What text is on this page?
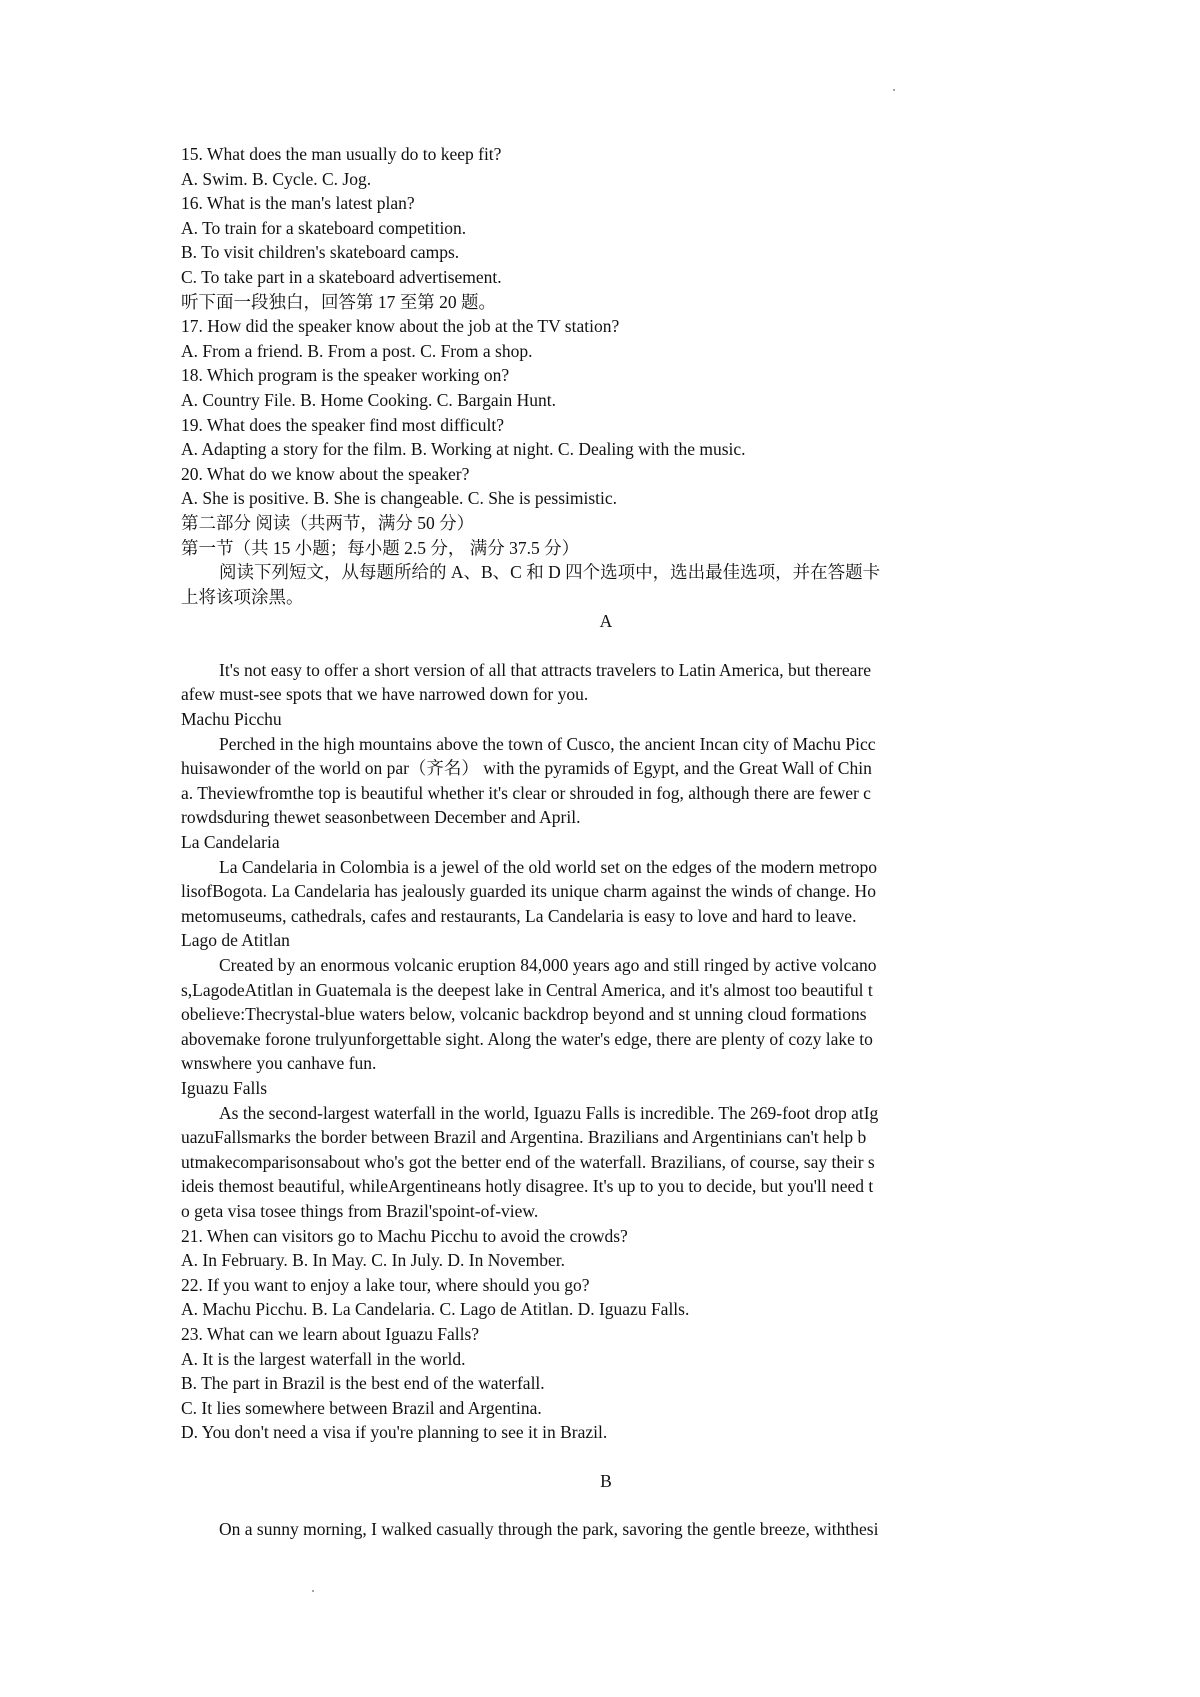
15. What does the man usually do to keep fit?

A. Swim. B. Cycle. C. Jog.

16. What is the man's latest plan?

A. To train for a skateboard competition.

B. To visit children's skateboard camps.

C. To take part in a skateboard advertisement.

听下面一段独白，回答第 17 至第 20 题。

17. How did the speaker know about the job at the TV station?

A. From a friend. B. From a post. C. From a shop.

18. Which program is the speaker working on?

A. Country File. B. Home Cooking. C. Bargain Hunt.

19. What does the speaker find most difficult?

A. Adapting a story for the film. B. Working at night. C. Dealing with the music.

20. What do we know about the speaker?

A. She is positive. B. She is changeable. C. She is pessimistic.

第二部分 阅读（共两节，满分 50 分）

第一节（共 15 小题；每小题 2.5 分， 满分 37.5 分）

阅读下列短文，从每题所给的 A、B、C 和 D 四个选项中，选出最佳选项，并在答题卡

上将该项涂黑。

A

It's not easy to offer a short version of all that attracts travelers to Latin America, but thereare

afew must-see spots that we have narrowed down for you.

Machu Picchu

Perched in the high mountains above the town of Cusco, the ancient Incan city of Machu Picc

huisawonder of the world on par（齐名） with the pyramids of Egypt, and the Great Wall of Chin

a. Theviewfromthe top is beautiful whether it's clear or shrouded in fog, although there are fewer c

rowdsduring thewet seasonbetween December and April.

La Candelaria

La Candelaria in Colombia is a jewel of the old world set on the edges of the modern metropo

lisofBogota. La Candelaria has jealously guarded its unique charm against the winds of change. Ho

metomuseums, cathedrals, cafes and restaurants, La Candelaria is easy to love and hard to leave.

Lago de Atitlan

Created by an enormous volcanic eruption 84,000 years ago and still ringed by active volcano

s,LagodeAtitlan in Guatemala is the deepest lake in Central America, and it's almost too beautiful t

obelieve:Thecrystal-blue waters below, volcanic backdrop beyond and st unning cloud formations

abovemake forone trulyunforgettable sight. Along the water's edge, there are plenty of cozy lake to

wnswhere you canhave fun.

Iguazu Falls

As the second-largest waterfall in the world, Iguazu Falls is incredible. The 269-foot drop atIg

uazuFallsmarks the border between Brazil and Argentina. Brazilians and Argentinians can't help b

utmakecomparisonsabout who's got the better end of the waterfall. Brazilians, of course, say their s

ideis themost beautiful, whileArgentineans hotly disagree. It's up to you to decide, but you'll need t

o geta visa tosee things from Brazil'spoint-of-view.

21. When can visitors go to Machu Picchu to avoid the crowds?

A. In February. B. In May. C. In July. D. In November.

22. If you want to enjoy a lake tour, where should you go?

A. Machu Picchu. B. La Candelaria. C. Lago de Atitlan. D. Iguazu Falls.

23. What can we learn about Iguazu Falls?

A. It is the largest waterfall in the world.

B. The part in Brazil is the best end of the waterfall.

C. It lies somewhere between Brazil and Argentina.

D. You don't need a visa if you're planning to see it in Brazil.

B

On a sunny morning, I walked casually through the park, savoring the gentle breeze, withthesi
